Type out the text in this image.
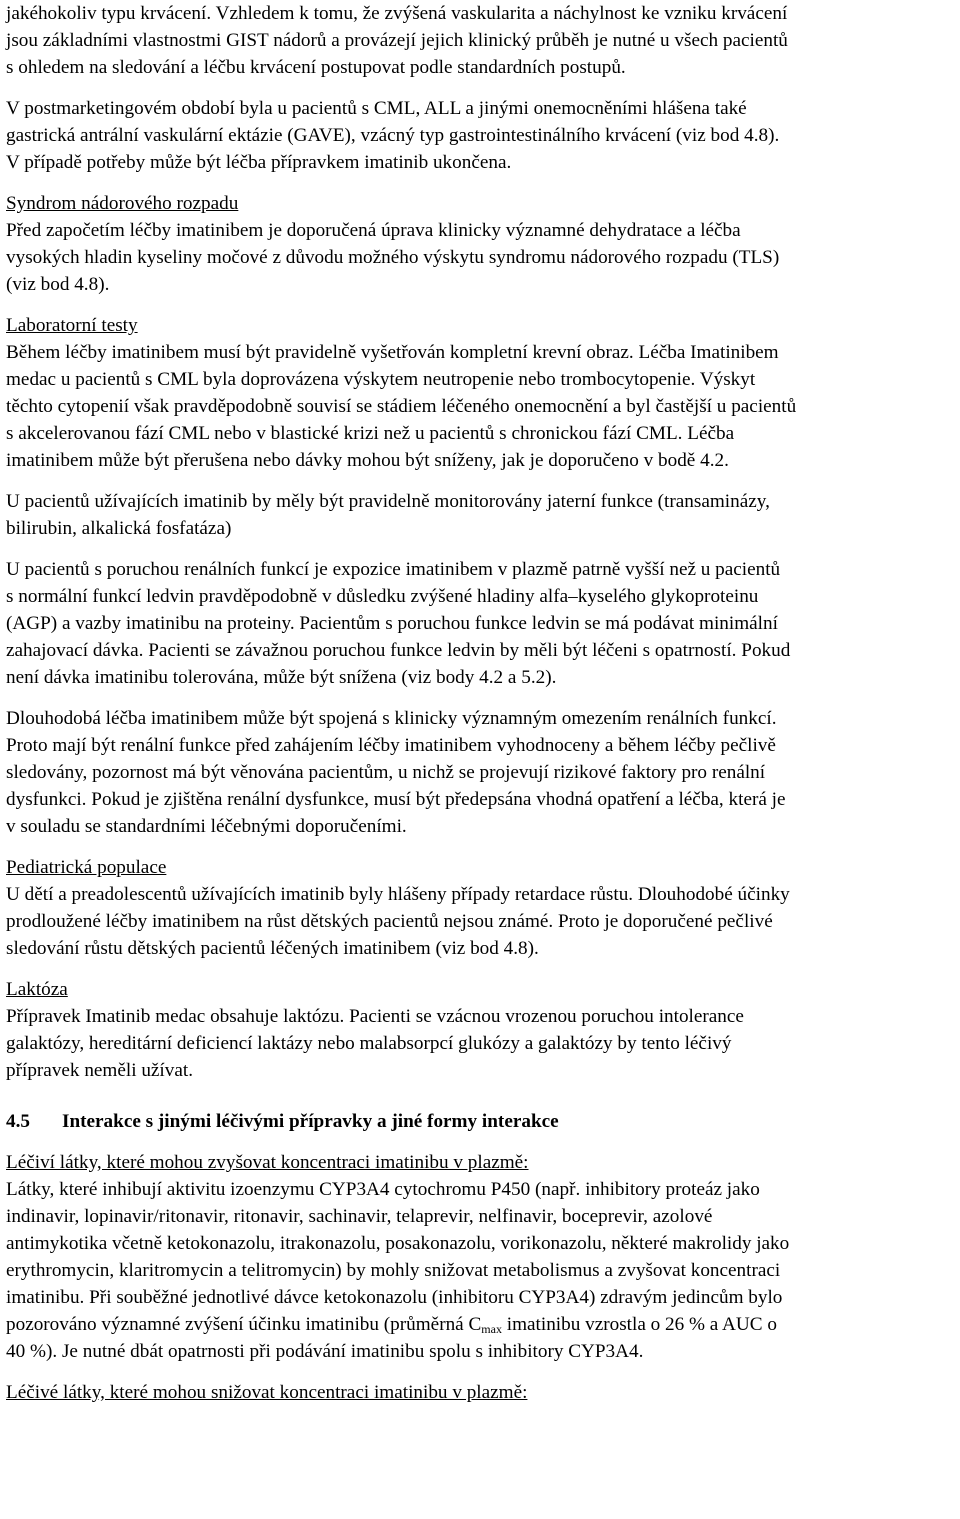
jakéhokoliv typu krvácení. Vzhledem k tomu, že zvýšená vaskularita a náchylnost ke vzniku krvácení

jsou základními vlastnostmi GIST nádorů a provázejí jejich klinický průběh je nutné u všech pacientů

s ohledem na sledování a léčbu krvácení postupovat podle standardních postupů.

V postmarketingovém období byla u pacientů s CML, ALL a jinými onemocněními hlášena také

gastrická antrální vaskulární ektázie (GAVE), vzácný typ gastrointestinálního krvácení (viz bod 4.8).

V případě potřeby může být léčba přípravkem imatinib ukončena.

Syndrom nádorového rozpadu

Před započetím léčby imatinibem je doporučená úprava klinicky významné dehydratace a léčba

vysokých hladin kyseliny močové z důvodu možného výskytu syndromu nádorového rozpadu (TLS)

(viz bod 4.8).

Laboratorní testy

Během léčby imatinibem musí být pravidelně vyšetřován kompletní krevní obraz. Léčba Imatinibem

medac u pacientů s CML byla doprovázena výskytem neutropenie nebo trombocytopenie. Výskyt

těchto cytopenií však pravděpodobně souvisí se stádiem léčeného onemocnění a byl častější u pacientů

s akcelerovanou fází CML nebo v blastické krizi než u pacientů s chronickou fází CML. Léčba

imatinibem může být přerušena nebo dávky mohou být sníženy, jak je doporučeno v bodě 4.2.

U pacientů užívajících imatinib by měly být pravidelně monitorovány jaterní funkce (transaminázy,

bilirubin, alkalická fosfatáza)

U pacientů s poruchou renálních funkcí je expozice imatinibem v plazmě patrně vyšší než u pacientů

s normální funkcí ledvin pravděpodobně v důsledku zvýšené hladiny alfa–kyselého glykoproteinu

(AGP) a vazby imatinibu na proteiny. Pacientům s poruchou funkce ledvin se má podávat minimální

zahajovací dávka. Pacienti se závažnou poruchou funkce ledvin by měli být léčeni s opatrností. Pokud

není dávka imatinibu tolerována, může být snížena (viz body 4.2 a 5.2).

Dlouhodobá léčba imatinibem může být spojená s klinicky významným omezením renálních funkcí.

Proto mají být renální funkce před zahájením léčby imatinibem vyhodnoceny a během léčby pečlivě

sledovány, pozornost má být věnována pacientům, u nichž se projevují rizikové faktory pro renální

dysfunkci. Pokud je zjištěna renální dysfunkce, musí být předepsána vhodná opatření a léčba, která je

v souladu se standardními léčebnými doporučeními.

Pediatrická populace

U dětí a preadolescentů užívajících imatinib byly hlášeny případy retardace růstu. Dlouhodobé účinky

prodloužené léčby imatinibem na růst dětských pacientů nejsou známé. Proto je doporučené pečlivé

sledování růstu dětských pacientů léčených imatinibem (viz bod 4.8).

Laktóza

Přípravek Imatinib medac obsahuje laktózu. Pacienti se vzácnou vrozenou poruchou intolerance

galaktózy, hereditární deficiencí laktázy nebo malabsorpcí glukózy a galaktózy by tento léčivý

přípravek neměli užívat.

4.5 Interakce s jinými léčivými přípravky a jiné formy interakce

Léčiví látky, které mohou zvyšovat koncentraci imatinibu v plazmě:

Látky, které inhibují aktivitu izoenzymu CYP3A4 cytochromu P450 (např. inhibitory proteáz jako

indinavir, lopinavir/ritonavir, ritonavir, sachinavir, telaprevir, nelfinavir, boceprevir, azolové

antimykotika včetně ketokonazolu, itrakonazolu, posakonazolu, vorikonazolu, některé makrolidy jako

erythromycin, klaritromycin a telitromycin) by mohly snižovat metabolismus a zvyšovat koncentraci

imatinibu. Při souběžné jednotlivé dávce ketokonazolu (inhibitoru CYP3A4) zdravým jedincům bylo

pozorováno významné zvýšení účinku imatinibu (průměrná $C_{max}$ imatinibu vzrostla o 26 % a AUC o

40 %). Je nutné dbát opatrnosti při podávání imatinibu spolu s inhibitory CYP3A4.

Léčivé látky, které mohou snižovat koncentraci imatinibu v plazmě:
